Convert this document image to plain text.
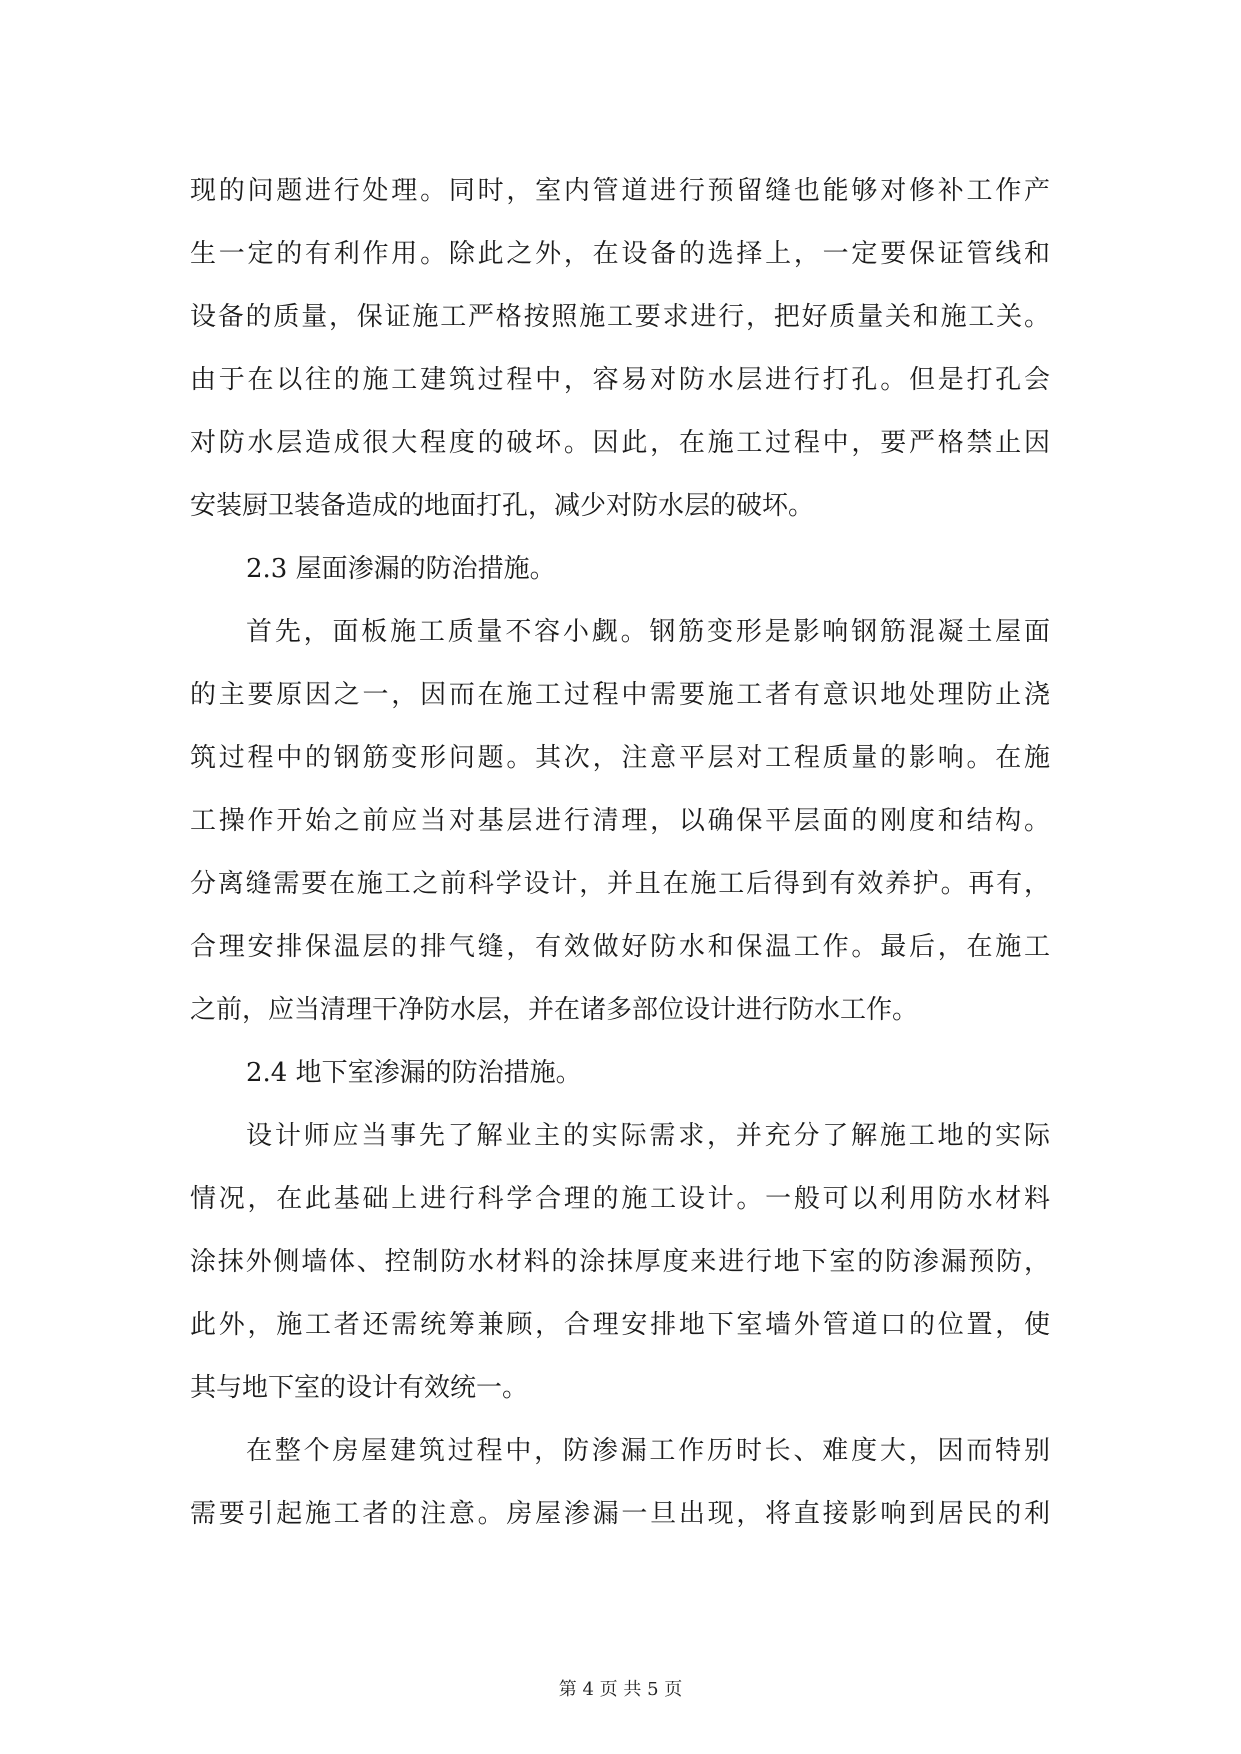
现的问题进行处理。同时，室内管道进行预留缝也能够对修补工作产
生一定的有利作用。除此之外，在设备的选择上，一定要保证管线和
设备的质量，保证施工严格按照施工要求进行，把好质量关和施工关。
由于在以往的施工建筑过程中，容易对防水层进行打孔。但是打孔会
对防水层造成很大程度的破坏。因此，在施工过程中，要严格禁止因
安装厨卫装备造成的地面打孔，减少对防水层的破坏。
2.3 屋面渗漏的防治措施。
首先，面板施工质量不容小觑。钢筋变形是影响钢筋混凝土屋面
的主要原因之一，因而在施工过程中需要施工者有意识地处理防止浇
筑过程中的钢筋变形问题。其次，注意平层对工程质量的影响。在施
工操作开始之前应当对基层进行清理，以确保平层面的刚度和结构。
分离缝需要在施工之前科学设计，并且在施工后得到有效养护。再有，
合理安排保温层的排气缝，有效做好防水和保温工作。最后，在施工
之前，应当清理干净防水层，并在诸多部位设计进行防水工作。
2.4 地下室渗漏的防治措施。
设计师应当事先了解业主的实际需求，并充分了解施工地的实际
情况，在此基础上进行科学合理的施工设计。一般可以利用防水材料
涂抹外侧墙体、控制防水材料的涂抹厚度来进行地下室的防渗漏预防，
此外，施工者还需统筹兼顾，合理安排地下室墙外管道口的位置，使
其与地下室的设计有效统一。
在整个房屋建筑过程中，防渗漏工作历时长、难度大，因而特别
需要引起施工者的注意。房屋渗漏一旦出现，将直接影响到居民的利
第 4 页 共 5 页
